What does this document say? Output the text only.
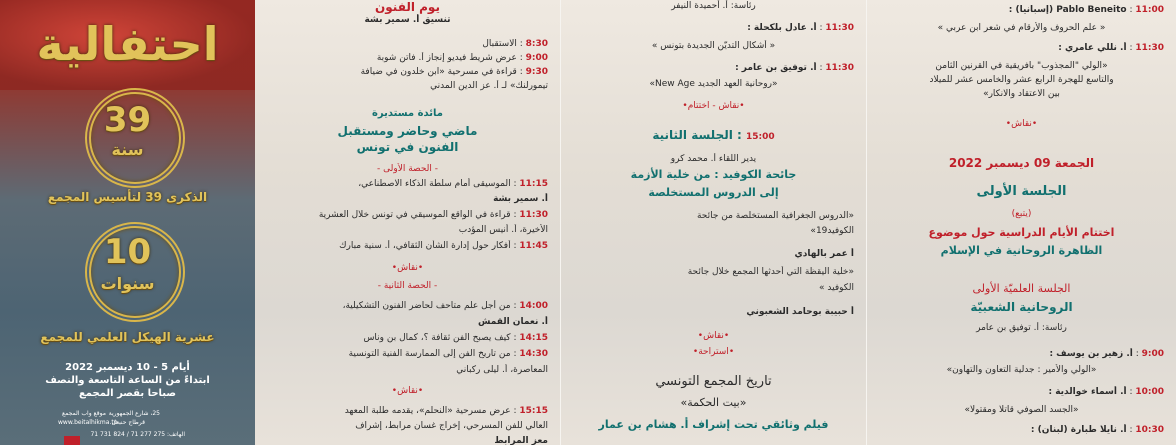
احتفالية
39
سنة
الذكرى 39 لتأسيس المجمع
10
سنوات
عشرية الهيكل العلمي للمجمع
أيام 5 - 10 ديسمبر 2022
ابتداءً من الساعة التاسعة والنصف
صباحا بقصر المجمع
25، شارع الجمهورية
قرطاج حنبعل
الهاتف: 275 277 71 / 824 731 71
موقع واب المجمع
www.beitalhikma.tn
يوم الفنون
تنسيق أ. سمير بشة
8:30 : الاستقبال
9:00 : عرض شريط فيديو إنجاز أ. فاتن شوبة
9:30 : قراءة في مسرحية «ابن خلدون في ضيافة
تيمورلنك» لـ أ. عز الدين المدني
مائدة مستديرة
ماضي وحاضر ومستقبل
الفنون في تونس
- الحصة الأولى -
11:15 : الموسيقى أمام سلطة الذكاء الاصطناعي،
أ. سمير بشة
11:30 : قراءة في الواقع الموسيقي في تونس خلال العشرية
الأخيرة، أ. أنيس المؤدب
11:45 : أفكار حول إدارة الشأن الثقافي، أ. سنية مبارك
•نقاش•
- الحصة الثانية -
14:00 : من أجل علم متاحف لحاضر الفنون التشكيلية،
أ. نعمان القمش
14:15 : كيف يصبح الفن ثقافة ؟، كمال بن وناس
14:30 : من تاريخ الفن إلى الممارسة الفنية التونسية
المعاصرة، أ. ليلى ركباني
•نقاش•
15:15 : عرض مسرحية «النحلم»، يقدمه طلبة المعهد
العالي للفن المسرحي، إخراج غسان مرابط، إشراف
معز المرابط
رئاسة: أ. أحميدة النيفر
11:30 : أ. عادل بلكحلة :
« أشكال التديّن الجديدة بتونس »
11:30 : أ. توفيق بن عامر :
«روحانية العهد الجديد New Age»
•نقاش - اختتام•
15:00 : الجلسة الثانية
يدير اللقاء أ. محمد كرو
جائحة الكوفيد : من خلية الأزمة
إلى الدروس المستخلصة
«الدروس الجغرافية المستخلصة من جائحة
الكوفيد19»
أ عمر بالهادي
«خلية اليقظة التي أحدثها المجمع خلال جائحة
الكوفيد »
أ حبيبة بوحامد الشعبوني
•نقاش•
•استراحة•
تاريخ المجمع التونسي
«بيت الحكمة»
فيلم وثائقي تحت إشراف أ. هشام بن عمار
11:00 : Pablo Beneito (إسبانيا) :
« علم الحروف والأرقام في شعر ابن عربي »
11:30 : أ. نللي عامري :
«الولي "المجذوب" بافريقية في القرنين الثامن
والتاسع للهجرة الرابع عشر والخامس عشر للميلاد
بين الاعتقاد والانكار»
•نقاش•
الجمعة 09 ديسمبر 2022
الجلسة الأولى
(يتبع)
اختتام الأيام الدراسية حول موضوع
الظاهرة الروحانية في الإسلام
الجلسة العلميّة الأولى
الروحانية الشعبيّة
رئاسة: أ. توفيق بن عامر
9:00 : أ. زهير بن يوسف :
«الولي والأمير : جدلية التعاون والتهاون»
10:00 : أ. أسماء خوالدية :
«الجسد الصوفي قاتلا ومقتولا»
10:30 : أ. نايلا طبارة (لبنان) :
